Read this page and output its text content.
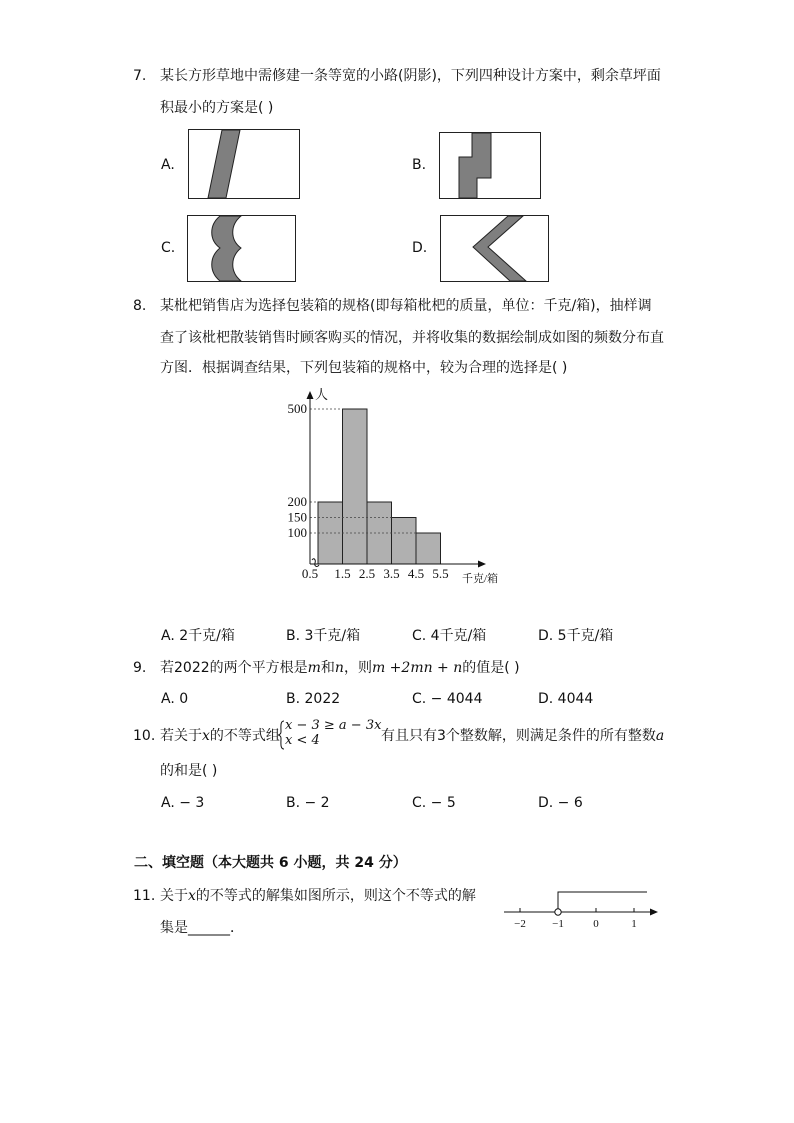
7. 某长方形草地中需修建一条等宽的小路(阴影)，下列四种设计方案中，剩余草坪面
积最小的方案是( )
A.	B.
C.	D.
8. 某枇杷销售店为选择包装箱的规格(即每箱枇杷的质量，单位：千克/箱)，抽样调
查了该枇杷散装销售时顾客购买的情况，并将收集的数据绘制成如图的频数分布直
方图．根据调查结果，下列包装箱的规格中，较为合理的选择是( )
500
200
150
100
0.5 1.5 2.5 3.5 4.5 5.5
人
千克/箱
A. 2千克/箱	B. 3千克/箱	C. 4千克/箱	D. 5千克/箱
9. 若2022的两个平方根是m和n，则m +2mn + n的值是( )
A. 0	B. 2022	C. − 4044	D. 4044
10. 若关于x的不等式组
x − 3 ≥ a − 3x
x < 4	有且只有3个整数解，则满足条件的所有整数a
的和是( )
A. − 3	B. − 2	C. − 5	D. − 6
二、填空题（本大题共 6 小题，共 24 分）
11. 关于x的不等式的解集如图所示，则这个不等式的解
集是______．	−2 −1	0	1
